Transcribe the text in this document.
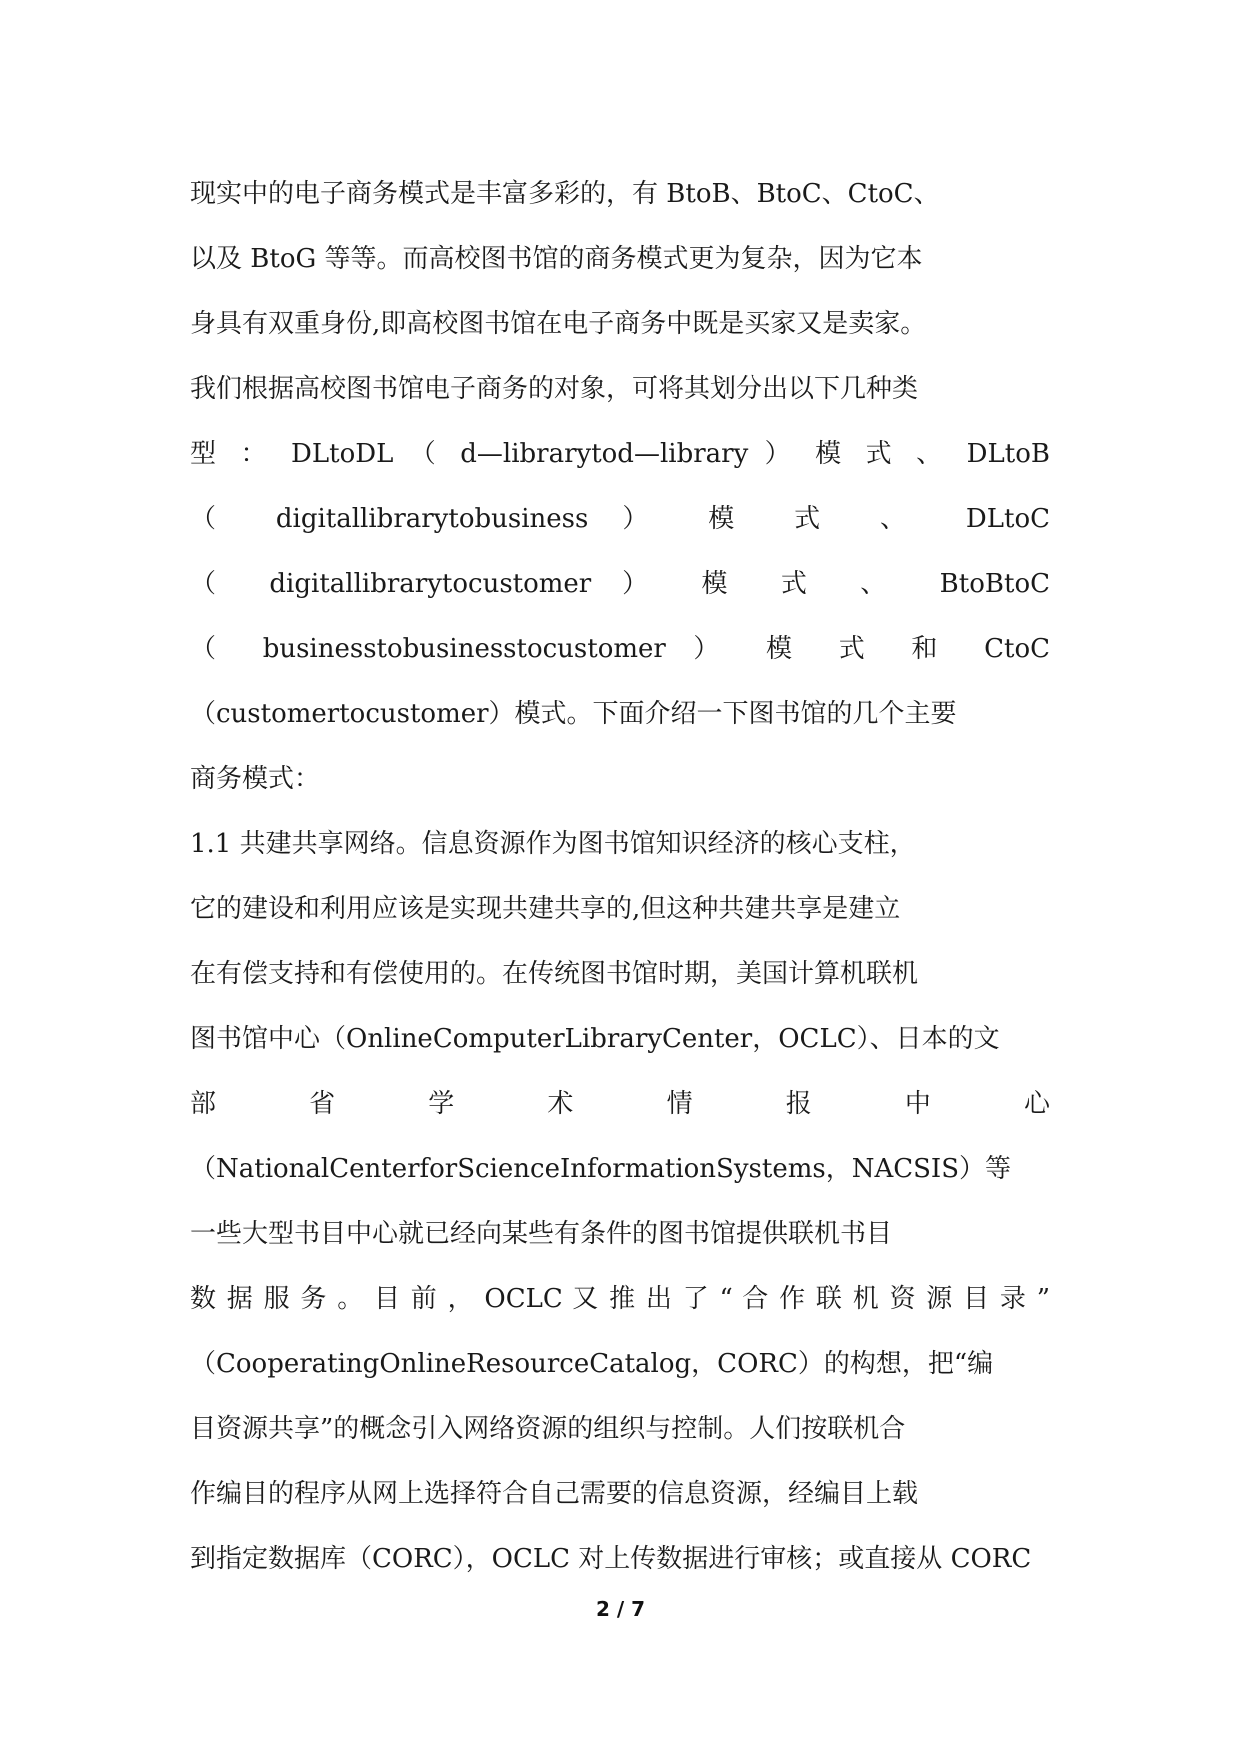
现实中的电子商务模式是丰富多彩的，有 BtoB、BtoC、CtoC、
以及 BtoG 等等。而高校图书馆的商务模式更为复杂，因为它本
身具有双重身份,即高校图书馆在电子商务中既是买家又是卖家。
我们根据高校图书馆电子商务的对象，可将其划分出以下几种类
型 ： DLtoDL （ d—librarytod—library ） 模 式 、 DLtoB
（ digitallibrarytobusiness ） 模 式 、 DLtoC
（ digitallibrarytocustomer ） 模 式 、 BtoBtoC
（ businesstobusinesstocustomer ） 模 式 和 CtoC
（customertocustomer）模式。下面介绍一下图书馆的几个主要
商务模式：
1.1 共建共享网络。信息资源作为图书馆知识经济的核心支柱，
它的建设和利用应该是实现共建共享的,但这种共建共享是建立
在有偿支持和有偿使用的。在传统图书馆时期，美国计算机联机
图书馆中心（OnlineComputerLibraryCenter，OCLC）、日本的文
部 省 学 术 情 报 中 心
（NationalCenterforScienceInformationSystems，NACSIS）等
一些大型书目中心就已经向某些有条件的图书馆提供联机书目
数 据 服 务 。 目 前 ， OCLC 又 推 出 了 “ 合 作 联 机 资 源 目 录 ”
（CooperatingOnlineResourceCatalog，CORC）的构想，把“编
目资源共享”的概念引入网络资源的组织与控制。人们按联机合
作编目的程序从网上选择符合自己需要的信息资源，经编目上载
到指定数据库（CORC），OCLC 对上传数据进行审核；或直接从 CORC
2 / 7
